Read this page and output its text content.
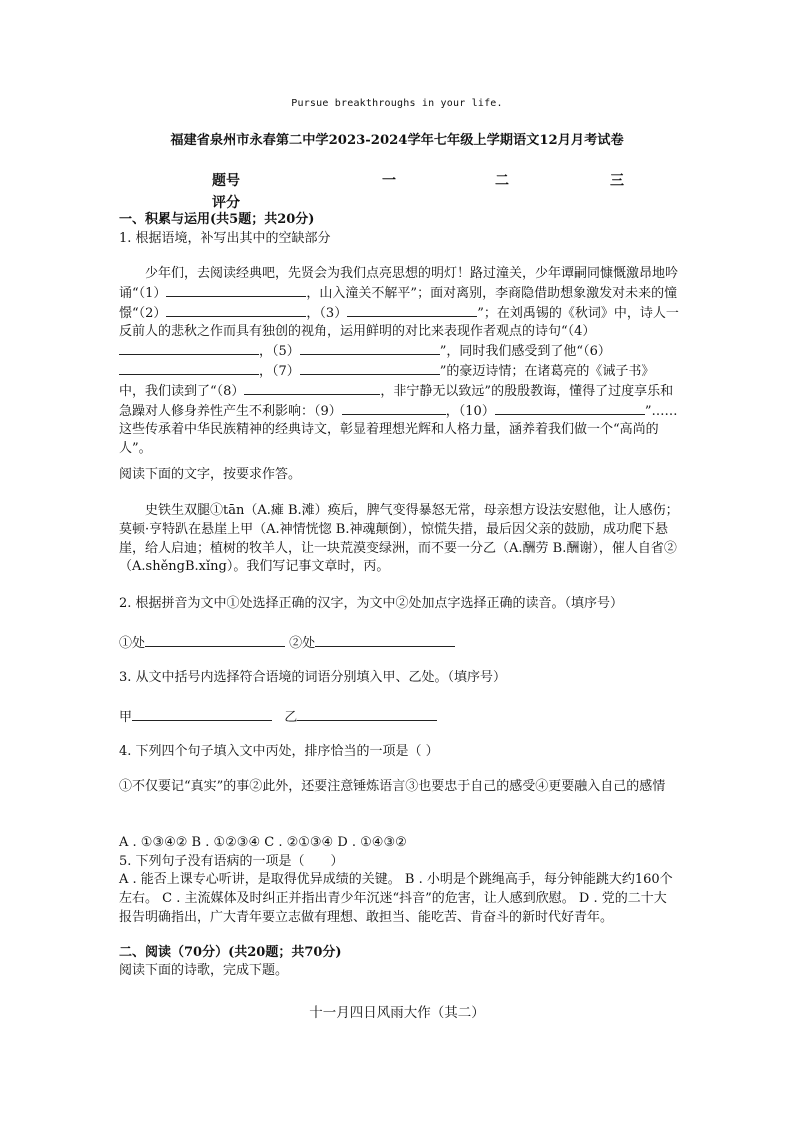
Pursue breakthroughs in your life.
福建省泉州市永春第二中学2023-2024学年七年级上学期语文12月月考试卷
题号	一	二	三
评分
一、积累与运用(共5题；共20分)
1. 根据语境，补写出其中的空缺部分
少年们，去阅读经典吧，先贤会为我们点亮思想的明灯！路过潼关，少年谭嗣同慷慨激昂地吟诵“（1）	，山入潼关不解平”；面对离别，李商隐借助想象激发对未来的憧憬“（2）	，（3）	”；在刘禹锡的《秋词》中，诗人一反前人的悲秋之作而具有独创的视角，运用鲜明的对比来表现作者观点的诗句“（4），（5）	”，同时我们感受到了他“（6），（7）	”的豪迈诗情；在诸葛亮的《诫子书》中，我们读到了“（8）	，非宁静无以致远”的殷殷教诲，懂得了过度享乐和急躁对人修身养性产生不利影响：（9）	，（10）	”……这些传承着中华民族精神的经典诗文，彰显着理想光辉和人格力量，涵养着我们做一个“高尚的人”。
阅读下面的文字，按要求作答。
史铁生双腿①tān（A.瘫 B.滩）痪后，脾气变得暴怒无常，母亲想方设法安慰他，让人感伤；莫顿·亨特趴在悬崖上甲（A.神情恍惚 B.神魂颠倒），惊慌失措，最后因父亲的鼓励，成功爬下悬崖，给人启迪；植树的牧羊人，让一块荒漠变绿洲，而不要一分乙（A.酬劳 B.酬谢），催人自省②（A.shěngB.xǐng）。我们写记事文章时，丙。
2. 根据拼音为文中①处选择正确的汉字，为文中②处加点字选择正确的读音。（填序号）
①处	②处
3. 从文中括号内选择符合语境的词语分别填入甲、乙处。（填序号）
甲	乙
4. 下列四个句子填入文中丙处，排序恰当的一项是（ ）
①不仅要记“真实”的事②此外，还要注意锤炼语言③也要忠于自己的感受④更要融入自己的感情
A . ①③④② B . ①②③④ C . ②①③④ D . ①④③②
5. 下列句子没有语病的一项是（　　）
A . 能否上课专心听讲，是取得优异成绩的关键。 B . 小明是个跳绳高手，每分钟能跳大约160个左右。 C . 主流媒体及时纠正并指出青少年沉迷“抖音”的危害，让人感到欣慰。 D . 党的二十大报告明确指出，广大青年要立志做有理想、敢担当、能吃苦、肯奋斗的新时代好青年。
二、阅读（70分）(共20题；共70分)
阅读下面的诗歌，完成下题。
十一月四日风雨大作（其二）
